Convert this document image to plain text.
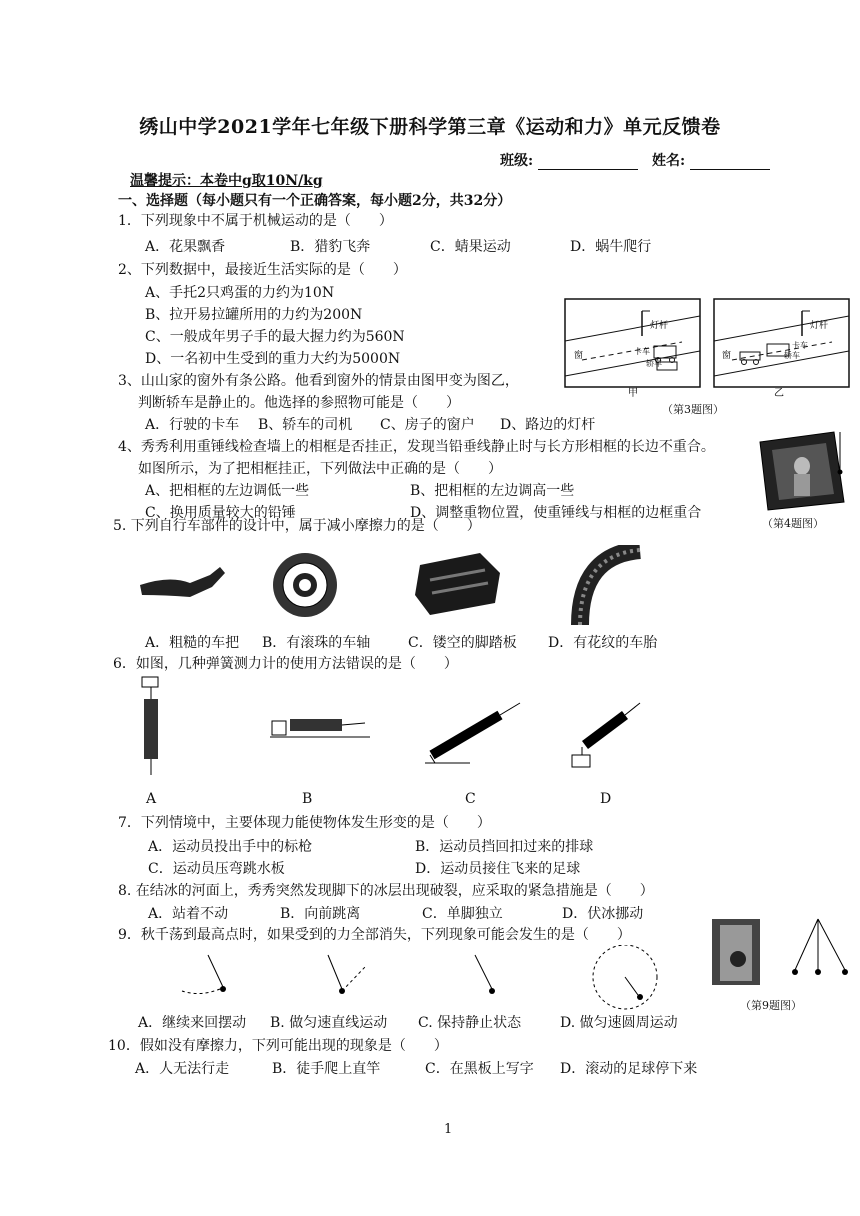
绣山中学2021学年七年级下册科学第三章《运动和力》单元反馈卷
班级:	姓名:
温馨提示：本卷中g取10N/kg
一、选择题（每小题只有一个正确答案，每小题2分，共32分）
1．下列现象中不属于机械运动的是（　　）
A．花果飘香	B．猎豹飞奔	C．蜻果运动	D．蜗牛爬行
2、下列数据中，最接近生活实际的是（　　）
A、手托2只鸡蛋的力约为10N
B、拉开易拉罐所用的力约为200N
C、一般成年男子手的最大握力约为560N
D、一名初中生受到的重力大约为5000N
3、山山家的窗外有条公路。他看到窗外的情景由图甲变为图乙，
判断轿车是静止的。他选择的参照物可能是（　　）
A．行驶的卡车 B、轿车的司机 C、房子的窗户 D、路边的灯杆
窗
灯杆
卡车
轿车
窗
灯杆
卡车
轿车
甲	乙
（第3题图）
4、秀秀利用重锤线检查墙上的相框是否挂正，发现当铅垂线静止时与长方形相框的长边不重合。
如图所示，为了把相框挂正，下列做法中正确的是（　　）
A、把相框的左边调低一些	B、把相框的左边调高一些
C、换用质量较大的铅锤	D、调整重物位置，使重锤线与相框的边框重合
（第4题图）
5. 下列自行车部件的设计中，属于减小摩擦力的是（　　）
A．粗糙的车把 B．有滚珠的车轴	C．镂空的脚踏板 D．有花纹的车胎
6．如图，几种弹簧测力计的使用方法错误的是（　　）
A	B	C	D
7．下列情境中，主要体现力能使物体发生形变的是（　　）
A．运动员投出手中的标枪	B．运动员挡回扣过来的排球
C．运动员压弯跳水板	D．运动员接住飞来的足球
8. 在结冰的河面上，秀秀突然发现脚下的冰层出现破裂，应采取的紧急措施是（　　）
A．站着不动	B．向前跳离	C．单脚独立	D．伏冰挪动
9．秋千荡到最高点时，如果受到的力全部消失，下列现象可能会发生的是（　　）
（第9题图）
A．继续来回摆动 B. 做匀速直线运动 C. 保持静止状态	D. 做匀速圆周运动
10．假如没有摩擦力，下列可能出现的现象是（　　）
A．人无法行走	B．徒手爬上直竿	C．在黑板上写字 D．滚动的足球停下来
1
